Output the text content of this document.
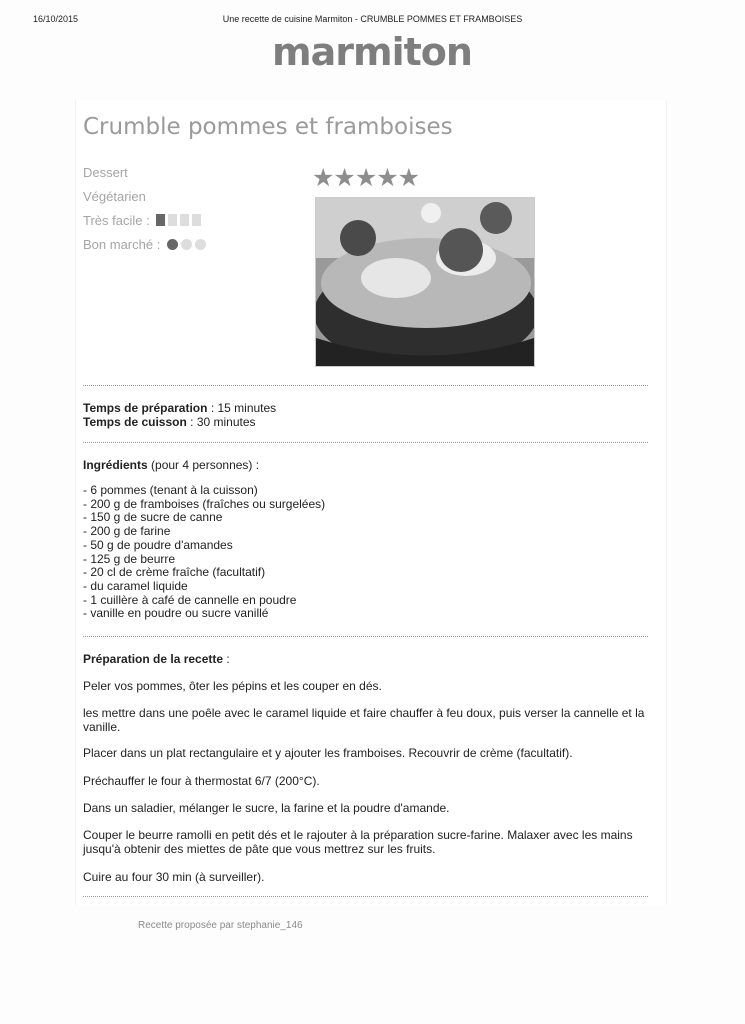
16/10/2015	Une recette de cuisine Marmiton - CRUMBLE POMMES ET FRAMBOISES
marmiton
Crumble pommes et framboises
Dessert
Végétarien
Très facile :
Bon marché :
★★★★★
Temps de préparation : 15 minutes
Temps de cuisson : 30 minutes
Ingrédients (pour 4 personnes) :
- 6 pommes (tenant à la cuisson)
- 200 g de framboises (fraîches ou surgelées)
- 150 g de sucre de canne
- 200 g de farine
- 50 g de poudre d'amandes
- 125 g de beurre
- 20 cl de crème fraîche (facultatif)
- du caramel liquide
- 1 cuillère à café de cannelle en poudre
- vanille en poudre ou sucre vanillé
Préparation de la recette :
Peler vos pommes, ôter les pépins et les couper en dés.
les mettre dans une poêle avec le caramel liquide et faire chauffer à feu doux, puis verser la cannelle et la vanille.
Placer dans un plat rectangulaire et y ajouter les framboises. Recouvrir de crème (facultatif).
Préchauffer le four à thermostat 6/7 (200°C).
Dans un saladier, mélanger le sucre, la farine et la poudre d'amande.
Couper le beurre ramolli en petit dés et le rajouter à la préparation sucre-farine. Malaxer avec les mains jusqu'à obtenir des miettes de pâte que vous mettrez sur les fruits.
Cuire au four 30 min (à surveiller).
Recette proposée par stephanie_146
